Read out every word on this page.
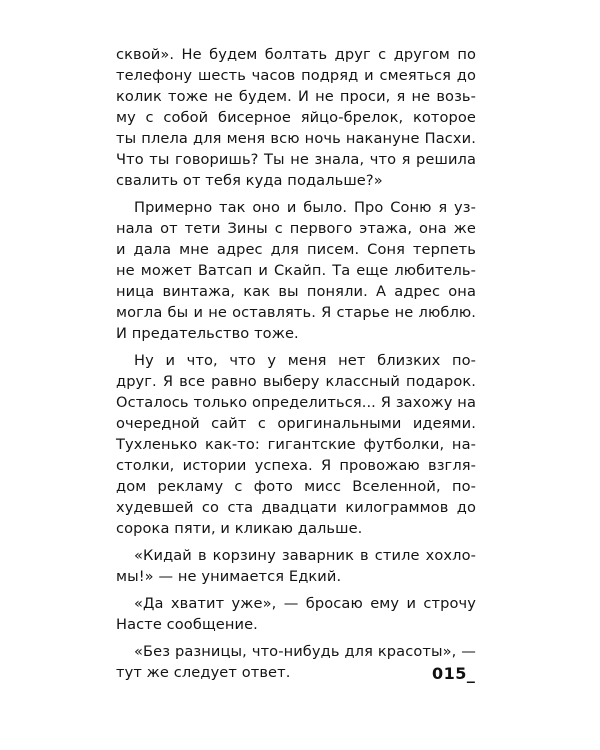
сквой». Не будем болтать друг с другом по
телефону шесть часов подряд и смеяться до
колик тоже не будем. И не проси, я не возь-
му с собой бисерное яйцо-брелок, которое
ты плела для меня всю ночь накануне Пасхи.
Что ты говоришь? Ты не знала, что я решила
свалить от тебя куда подальше?»
Примерно так оно и было. Про Соню я уз-
нала от тети Зины с первого этажа, она же
и дала мне адрес для писем. Соня терпеть
не может Ватсап и Скайп. Та еще любитель-
ница винтажа, как вы поняли. А адрес она
могла бы и не оставлять. Я старье не люблю.
И предательство тоже.
Ну и что, что у меня нет близких по-
друг. Я все равно выберу классный подарок.
Осталось только определиться... Я захожу на
очередной сайт с оригинальными идеями.
Тухленько как-то: гигантские футболки, на-
столки, истории успеха. Я провожаю взгля-
дом рекламу с фото мисс Вселенной, по-
худевшей со ста двадцати килограммов до
сорока пяти, и кликаю дальше.
«Кидай в корзину заварник в стиле хохло-
мы!» — не унимается Едкий.
«Да хватит уже», — бросаю ему и строчу
Насте сообщение.
«Без разницы, что-нибудь для красоты», —
тут же следует ответ.	015_
